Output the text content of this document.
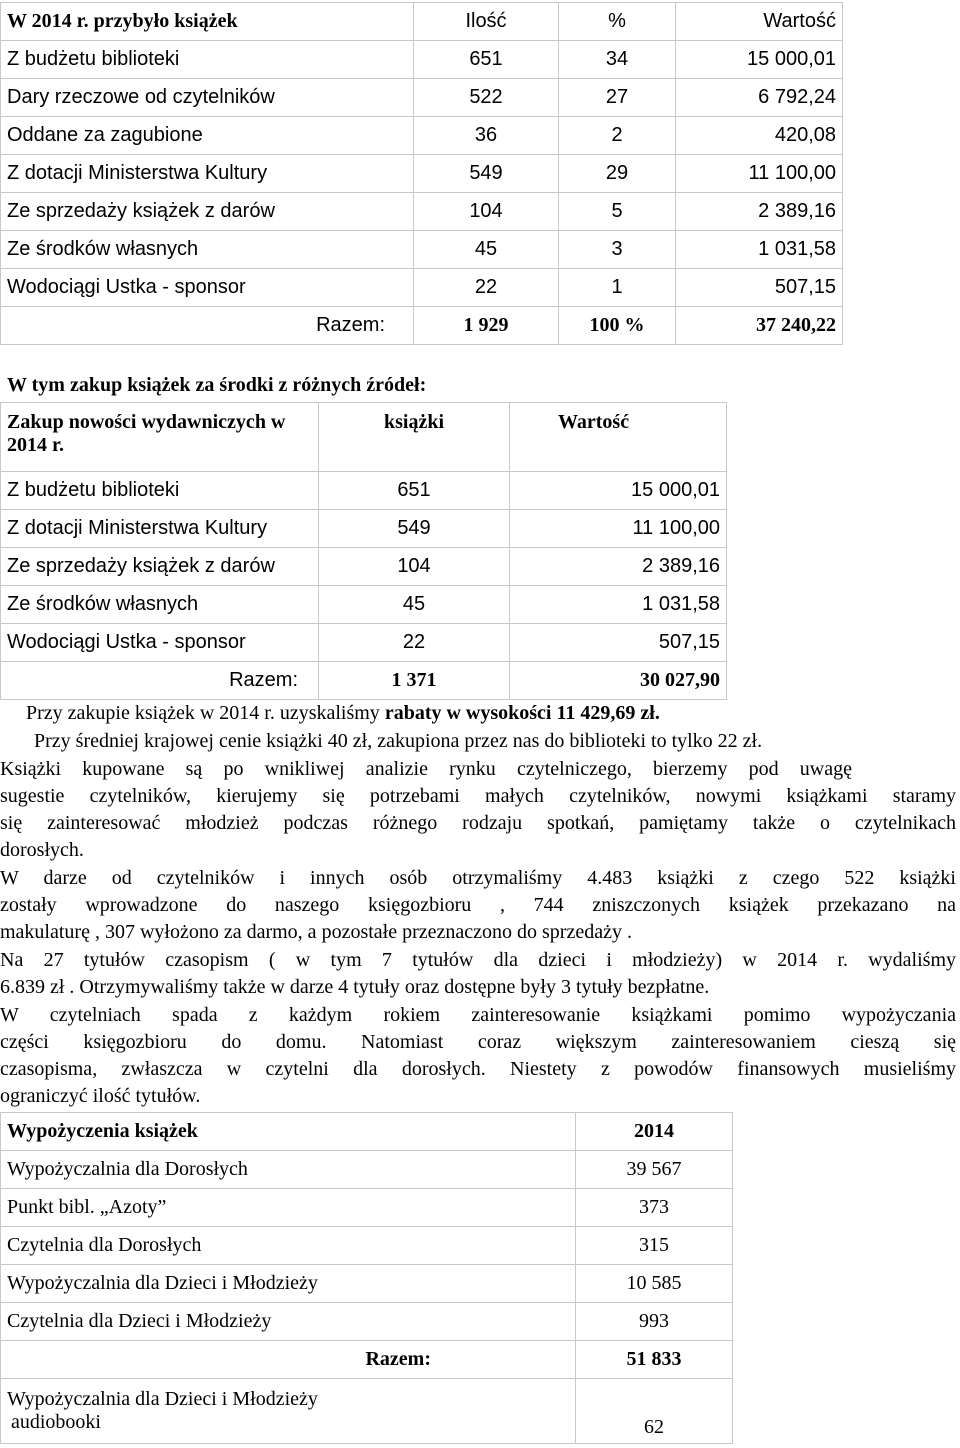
W 2014 r. przybyło książek	Ilość	%	Wartość
Z budżetu biblioteki	651	34	15 000,01
Dary rzeczowe od czytelników	522	27	6 792,24
Oddane za zagubione	36	2	420,08
Z dotacji Ministerstwa Kultury	549	29	11 100,00
Ze sprzedaży książek z darów	104	5	2 389,16
Ze środków własnych	45	3	1 031,58
Wodociągi Ustka - sponsor	22	1	507,15
Razem:	1 929	100 %	37 240,22
W tym zakup książek za środki z różnych źródeł:
Zakup nowości wydawniczych w 2014 r.	książki	Wartość
Z budżetu biblioteki	651	15 000,01
Z dotacji Ministerstwa Kultury	549	11 100,00
Ze sprzedaży książek z darów	104	2 389,16
Ze środków własnych	45	1 031,58
Wodociągi Ustka - sponsor	22	507,15
Razem:	1 371	30 027,90
Przy zakupie książek w 2014 r. uzyskaliśmy rabaty w wysokości 11 429,69 zł.
Przy średniej krajowej cenie książki 40 zł, zakupiona przez nas do biblioteki to tylko 22 zł.
Książki kupowane są po wnikliwej analizie rynku czytelniczego, bierzemy pod uwagę
sugestie czytelników, kierujemy się potrzebami małych czytelników, nowymi książkami staramy
się zainteresować młodzież podczas różnego rodzaju spotkań, pamiętamy także o czytelnikach
dorosłych.
W darze od czytelników i innych osób otrzymaliśmy 4.483 książki z czego 522 książki
zostały wprowadzone do naszego księgozbioru , 744 zniszczonych książek przekazano na
makulaturę , 307 wyłożono za darmo, a pozostałe przeznaczono do sprzedaży .
Na 27 tytułów czasopism ( w tym 7 tytułów dla dzieci i młodzieży) w 2014 r. wydaliśmy
6.839 zł . Otrzymywaliśmy także w darze 4 tytuły oraz dostępne były 3 tytuły bezpłatne.
W czytelniach spada z każdym rokiem zainteresowanie książkami pomimo wypożyczania
części księgozbioru do domu. Natomiast coraz większym zainteresowaniem cieszą się
czasopisma, zwłaszcza w czytelni dla dorosłych. Niestety z powodów finansowych musieliśmy
ograniczyć ilość tytułów.
Wypożyczenia książek	2014
Wypożyczalnia dla Dorosłych	39 567
Punkt bibl. „Azoty”	373
Czytelnia dla Dorosłych	315
Wypożyczalnia dla Dzieci i Młodzieży	10 585
Czytelnia dla Dzieci i Młodzieży	993
Razem:	51 833

Wypożyczalnia dla Dzieci i Młodzieży
audiobooki	62
